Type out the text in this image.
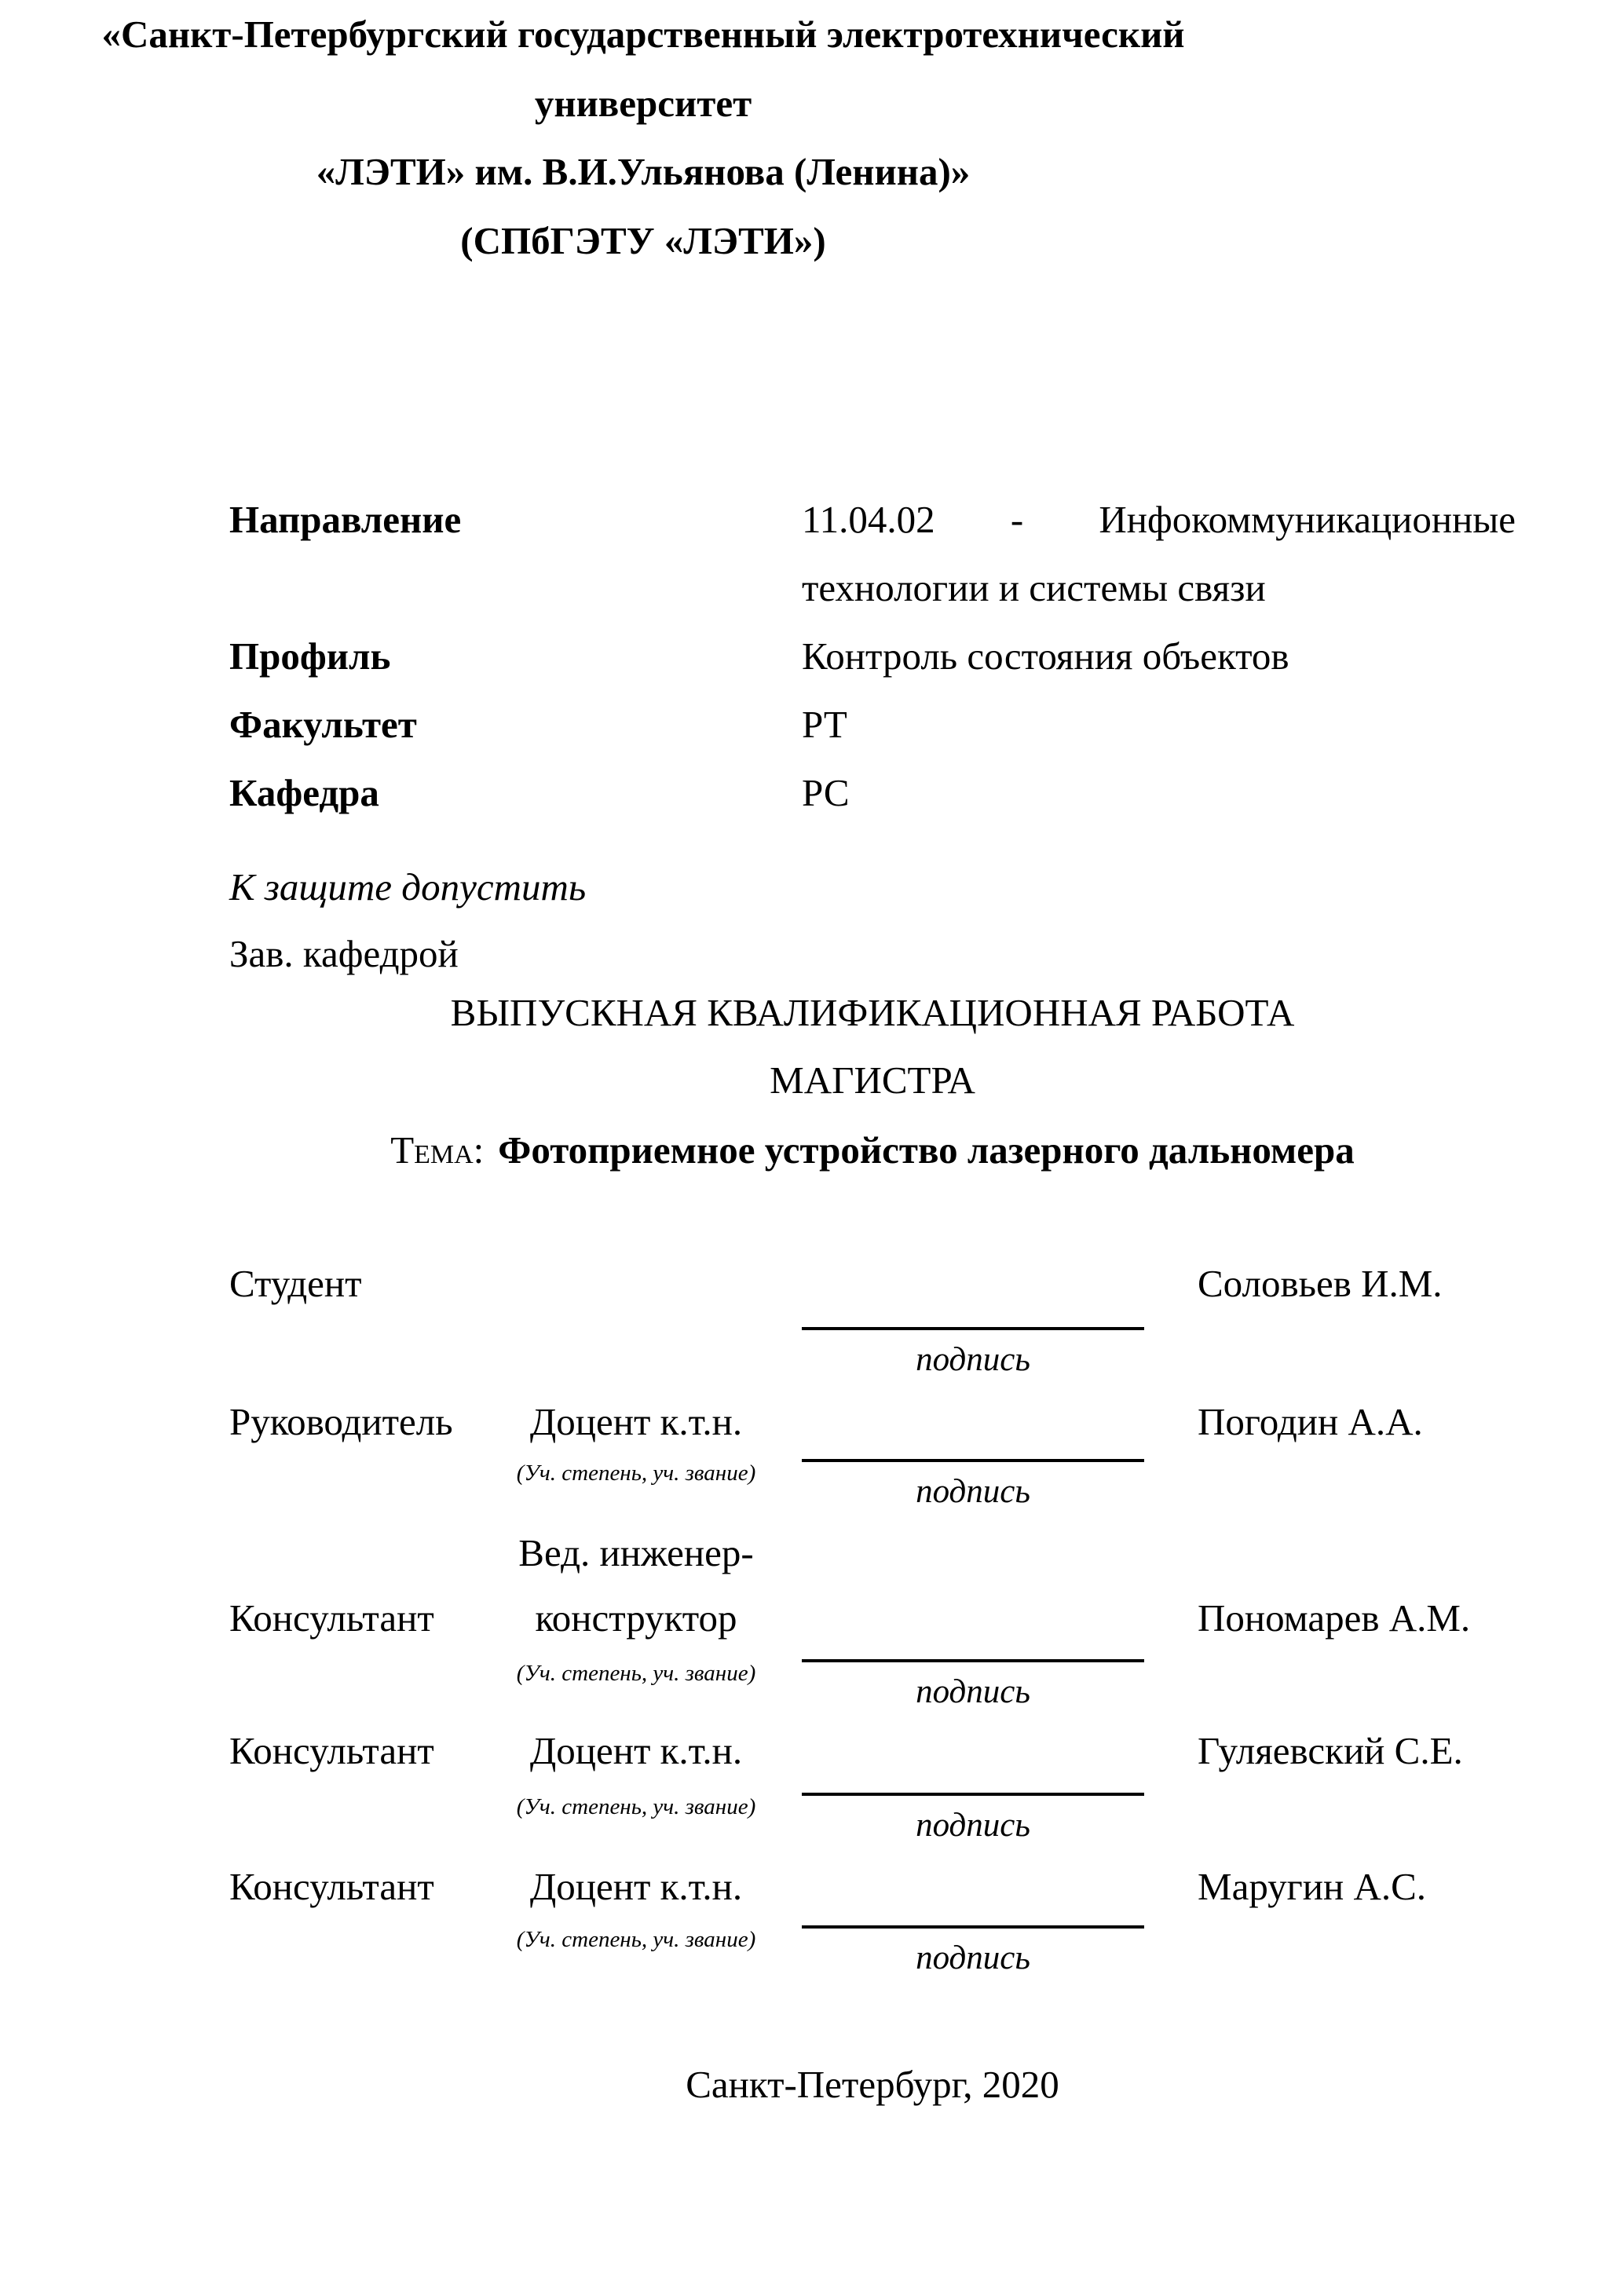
«Санкт-Петербургский государственный электротехнический
университет
«ЛЭТИ» им. В.И.Ульянова (Ленина)»
(СПбГЭТУ «ЛЭТИ»)
Направление	11.04.02 - Инфокоммуникационные
технологии и системы связи
Профиль	Контроль состояния объектов
Факультет	РТ
Кафедра	РС
К защите допустить
Зав. кафедрой
ВЫПУСКНАЯ КВАЛИФИКАЦИОННАЯ РАБОТА
МАГИСТРА
Тема: Фотоприемное устройство лазерного дальномера
Студент	Соловьев И.М.
подпись
Руководитель	Доцент к.т.н.	Погодин А.А.
(Уч. степень, уч. звание)	подпись
Вед. инженер-
Консультант	конструктор	Пономарев А.М.
(Уч. степень, уч. звание)	подпись
Консультант	Доцент к.т.н.	Гуляевский С.Е.
(Уч. степень, уч. звание)	подпись
Консультант	Доцент к.т.н.	Маругин А.С.
(Уч. степень, уч. звание)	подпись
Санкт-Петербург, 2020
